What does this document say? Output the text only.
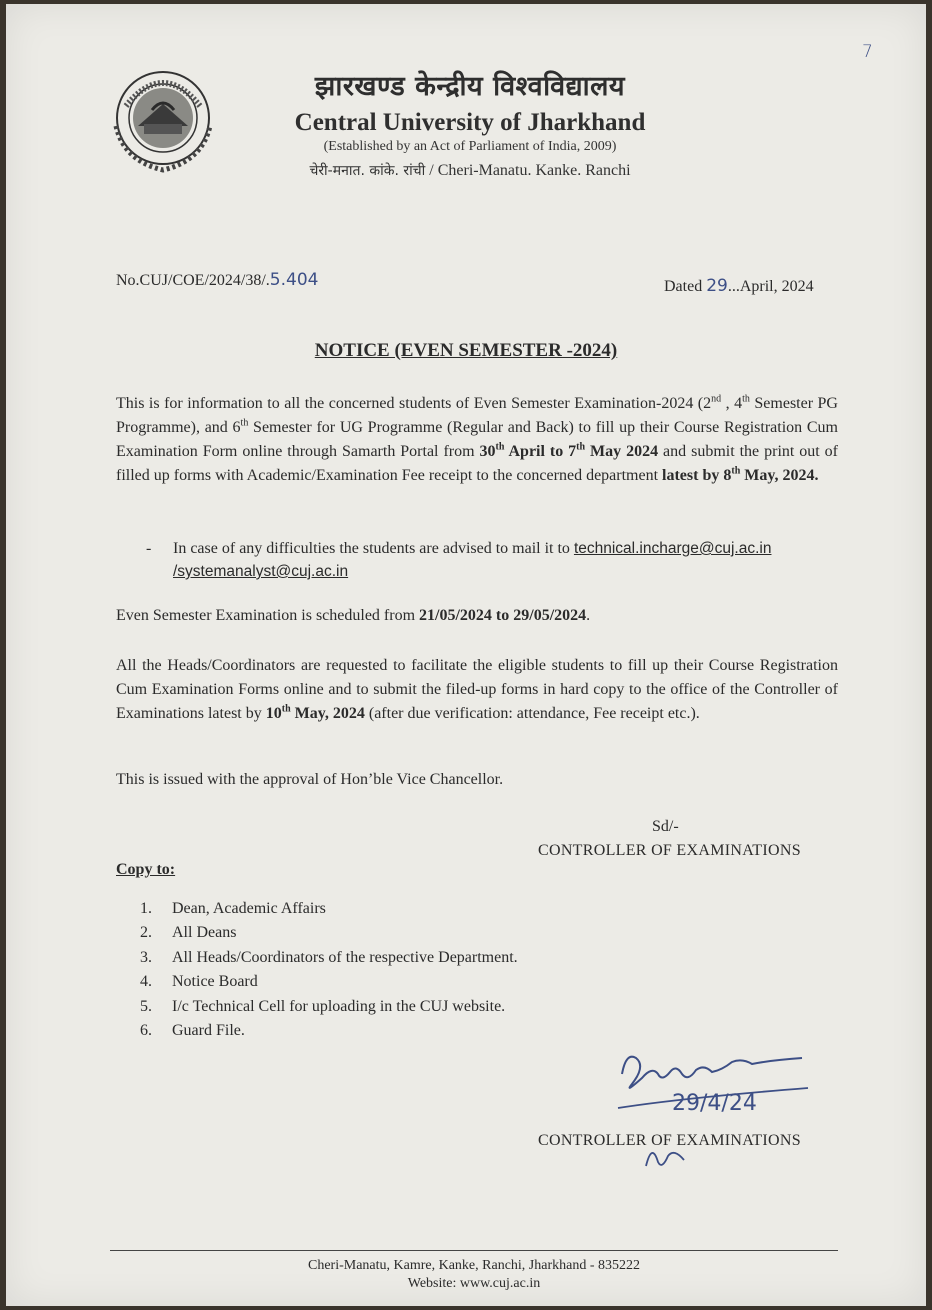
7
झारखण्ड केन्द्रीय विश्वविद्यालय
Central University of Jharkhand
(Established by an Act of Parliament of India, 2009)
चेरी-मनात. कांके. रांची / Cheri-Manatu. Kanke. Ranchi
No.CUJ/COE/2024/38/.5.404	Dated 29...April, 2024
NOTICE (EVEN SEMESTER -2024)
This is for information to all the concerned students of Even Semester Examination-2024 (2nd , 4th Semester PG Programme), and 6th Semester for UG Programme (Regular and Back) to fill up their Course Registration Cum Examination Form online through Samarth Portal from 30th April to 7th May 2024 and submit the print out of filled up forms with Academic/Examination Fee receipt to the concerned department latest by 8th May, 2024.
- In case of any difficulties the students are advised to mail it to technical.incharge@cuj.ac.in
/systemanalyst@cuj.ac.in
Even Semester Examination is scheduled from 21/05/2024 to 29/05/2024.
All the Heads/Coordinators are requested to facilitate the eligible students to fill up their Course Registration Cum Examination Forms online and to submit the filed-up forms in hard copy to the office of the Controller of Examinations latest by 10th May, 2024 (after due verification: attendance, Fee receipt etc.).
This is issued with the approval of Hon’ble Vice Chancellor.
Sd/-
CONTROLLER OF EXAMINATIONS
Copy to:
1. Dean, Academic Affairs
2. All Deans
3. All Heads/Coordinators of the respective Department.
4. Notice Board
5. I/c Technical Cell for uploading in the CUJ website.
6. Guard File.
29/4/24
CONTROLLER OF EXAMINATIONS
Cheri-Manatu, Kamre, Kanke, Ranchi, Jharkhand - 835222
Website: www.cuj.ac.in
